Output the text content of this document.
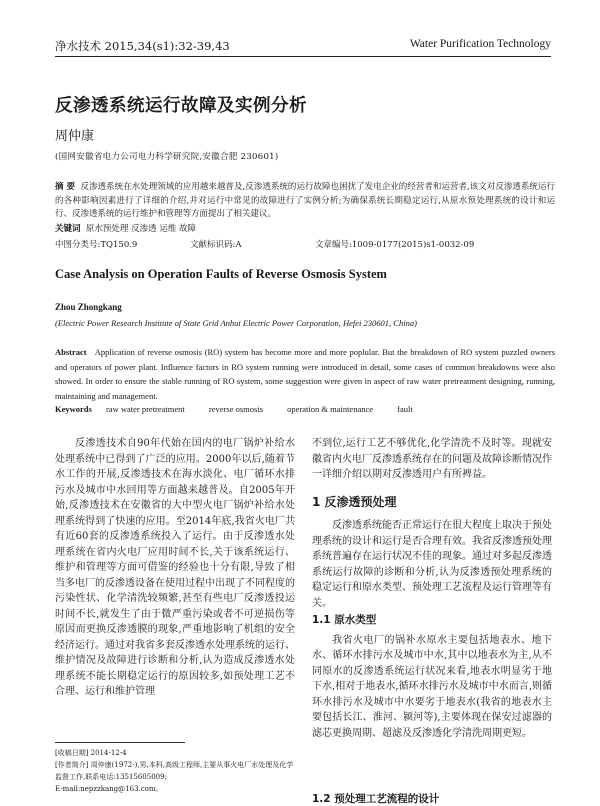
净水技术 2015,34(s1):32-39,43	Water Purification Technology
反渗透系统运行故障及实例分析
周仲康
(国网安徽省电力公司电力科学研究院,安徽合肥 230601)
摘 要 反渗透系统在水处理领域的应用越来越普及,反渗透系统的运行故障也困扰了发电企业的经营者和运营者,该文对反渗透系统运行的各种影响因素进行了详细的介绍,并对运行中常见的故障进行了实例分析;为确保系统长期稳定运行,从原水预处理系统的设计和运行、反渗透系统的运行维护和管理等方面提出了相关建议。
关键词 原水预处理 反渗透 运维 故障
中图分类号:TQ150.9	文献标识码:A	文章编号:1009-0177(2015)s1-0032-09
Case Analysis on Operation Faults of Reverse Osmosis System
Zhou Zhongkang
(Electric Power Research Institute of State Grid Anhui Electric Power Corporation, Hefei 230601, China)
Abstract Application of reverse osmosis (RO) system has become more and more poplular. But the breakdown of RO system puzzled owners and operators of power plant. Influence factors in RO system running were introduced in detail, some cases of common breakdowns were also showed. In order to ensure the stable running of RO system, some suggestion were given in aspect of raw water pretreatment designing, running, maintaining and management.
Keywords raw water pretreatment	reverse osmosis	operation & maintenance	fault

反渗透技术自90年代始在国内的电厂锅炉补给水处理系统中已得到了广泛的应用。2000年以后,随着节水工作的开展,反渗透技术在海水淡化、电厂循环水排污水及城市中水回用等方面越来越普及。自2005年开始,反渗透技术在安徽省的大中型火电厂锅炉补给水处理系统得到了快速的应用。至2014年底,我省火电厂共有近60套的反渗透系统投入了运行。由于反渗透水处理系统在省内火电厂应用时间不长,关于该系统运行、维护和管理等方面可借鉴的经验也十分有限,导致了相当多电厂的反渗透设备在使用过程中出现了不同程度的污染性状、化学清洗较频繁,甚至有些电厂反渗透投运时间不长,就发生了由于微严重污染或者不可逆损伤等原因而更换反渗透膜的现象,严重地影响了机组的安全经济运行。通过对我省多套反渗透水处理系统的运行、维护情况及故障进行诊断和分析,认为造成反渗透水处理系统不能长期稳定运行的原因较多,如预处理工艺不合理、运行和维护管理

不到位,运行工艺不够优化,化学清洗不及时等。现就安徽省内火电厂反渗透系统存在的问题及故障诊断情况作一详细介绍以期对反渗透用户有所裨益。

1 反渗透预处理

反渗透系统能否正常运行在很大程度上取决于预处理系统的设计和运行是否合理有效。我省反渗透预处理系统普遍存在运行状况不佳的现象。通过对多起反渗透系统运行故障的诊断和分析,认为反渗透预处理系统的稳定运行和原水类型、预处理工艺流程及运行管理等有关。

1.1 原水类型

我省火电厂的锅补水原水主要包括地表水、地下水、循环水排污水及城市中水,其中以地表水为主,从不同原水的反渗透系统运行状况来看,地表水明显劣于地下水,相对于地表水,循环水排污水及城市中水而言,则循环水排污水及城市中水要劣于地表水(我省的地表水主要包括长江、淮河、颍河等),主要体现在保安过滤器的滤芯更换周期、超滤及反渗透化学清洗周期更短。

1.2 预处理工艺流程的设计
[收稿日期] 2014-12-4
[作者简介] 周仲康(1972-),男,本科,高级工程师,主要从事火电厂水处理及化学监督工作,联系电话:13515605009;
E-mail:nepzzkang@163.com。
